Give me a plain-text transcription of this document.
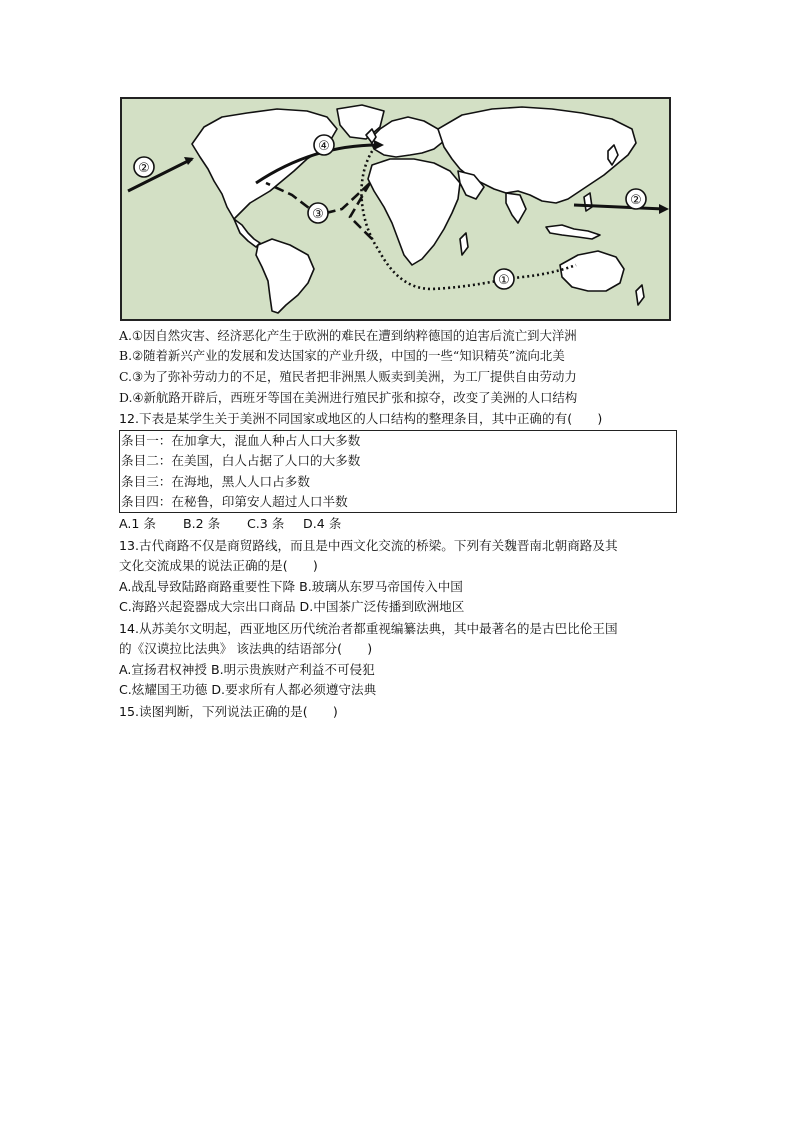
①
②
②
③
④
A.①因自然灾害、经济恶化产生于欧洲的难民在遭到纳粹德国的迫害后流亡到大洋洲
B.②随着新兴产业的发展和发达国家的产业升级，中国的一些“知识精英”流向北美
C.③为了弥补劳动力的不足，殖民者把非洲黑人贩卖到美洲，为工厂提供自由劳动力
D.④新航路开辟后，西班牙等国在美洲进行殖民扩张和掠夺，改变了美洲的人口结构
12.下表是某学生关于美洲不同国家或地区的人口结构的整理条目，其中正确的有(　　)
条目一：在加拿大，混血人种占人口大多数
条目二：在美国，白人占据了人口的大多数
条目三：在海地，黑人人口占多数
条目四：在秘鲁，印第安人超过人口半数
A.1 条 B.2 条 C.3 条 D.4 条
13.古代商路不仅是商贸路线，而且是中西文化交流的桥梁。下列有关魏晋南北朝商路及其
文化交流成果的说法正确的是(　　)
A.战乱导致陆路商路重要性下降 B.玻璃从东罗马帝国传入中国
C.海路兴起瓷器成大宗出口商品 D.中国茶广泛传播到欧洲地区
14.从苏美尔文明起，西亚地区历代统治者都重视编纂法典，其中最著名的是古巴比伦王国
的《汉谟拉比法典》 该法典的结语部分(　　)
A.宣扬君权神授 B.明示贵族财产利益不可侵犯
C.炫耀国王功德 D.要求所有人都必须遵守法典
15.读图判断，下列说法正确的是(　　)
